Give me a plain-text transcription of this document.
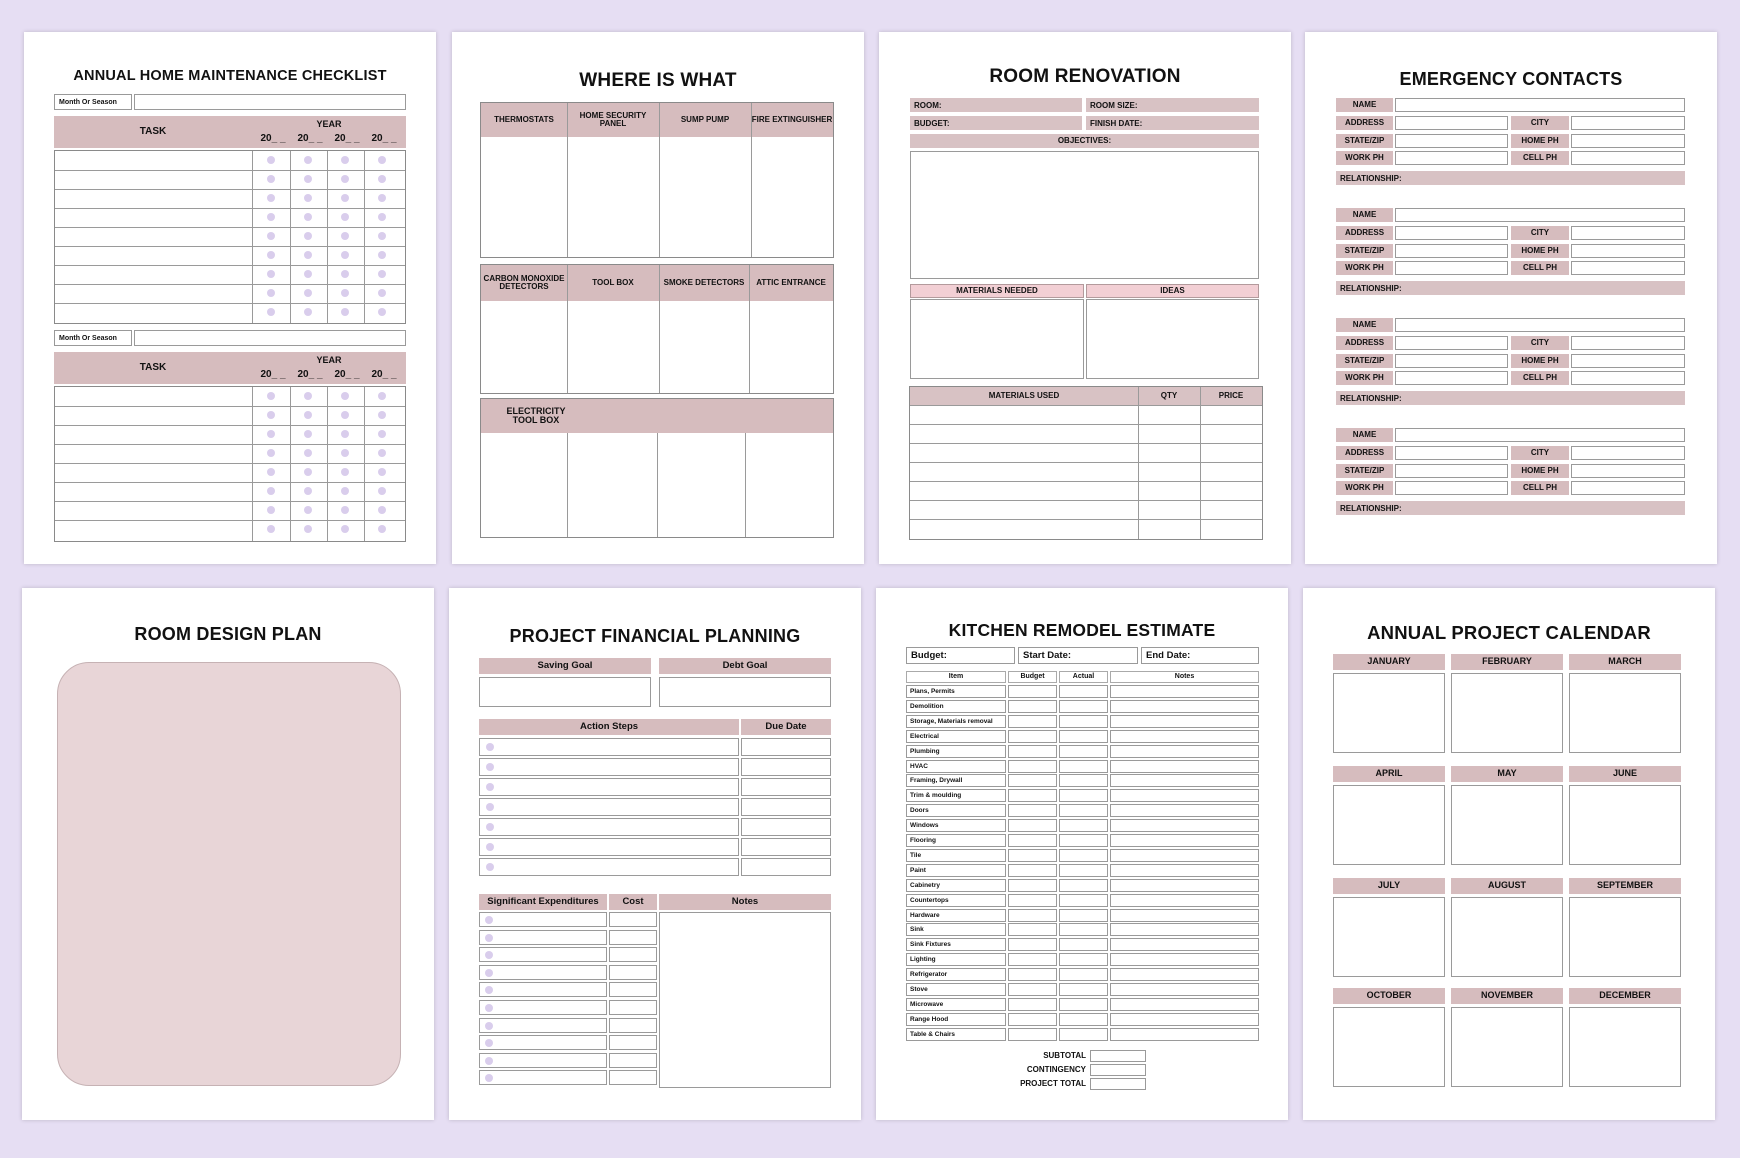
ANNUAL HOME MAINTENANCE CHECKLIST
Month Or Season
TASK
YEAR
20_ _ 20_ _ 20_ _ 20_ _
Month Or Season
TASK
YEAR
20_ _ 20_ _ 20_ _ 20_ _
WHERE IS WHAT
THERMOSTATS	HOME SECURITY PANEL	SUMP PUMP	FIRE EXTINGUISHER
CARBON MONOXIDE DETECTORS	TOOL BOX	SMOKE DETECTORS	ATTIC ENTRANCE
ELECTRICITY
TOOL BOX
ROOM RENOVATION
ROOM:	ROOM SIZE:
BUDGET:	FINISH DATE:
OBJECTIVES:
MATERIALS NEEDED	IDEAS
MATERIALS USED	QTY	PRICE
EMERGENCY CONTACTS
NAME
ADDRESS	CITY
STATE/ZIP	HOME PH
WORK PH	CELL PH
RELATIONSHIP:
NAME
ADDRESS	CITY
STATE/ZIP	HOME PH
WORK PH	CELL PH
RELATIONSHIP:
NAME
ADDRESS	CITY
STATE/ZIP	HOME PH
WORK PH	CELL PH
RELATIONSHIP:
NAME
ADDRESS	CITY
STATE/ZIP	HOME PH
WORK PH	CELL PH
RELATIONSHIP:
ROOM DESIGN PLAN	PROJECT FINANCIAL PLANNING
Saving Goal	Debt Goal
Action Steps	Due Date
Significant Expenditures	Cost	Notes
KITCHEN REMODEL ESTIMATE
Budget:	Start Date:	End Date:
Item	Budget	Actual	Notes
Plans, Permits
Demolition
Storage, Materials removal
Electrical
Plumbing
HVAC
Framing, Drywall
Trim & moulding
Doors
Windows
Flooring
Tile
Paint
Cabinetry
Countertops
Hardware
Sink
Sink Fixtures
Lighting
Refrigerator
Stove
Microwave
Range Hood
Table & Chairs
SUBTOTAL
CONTINGENCY
PROJECT TOTAL
ANNUAL PROJECT CALENDAR
JANUARY	FEBRUARY	MARCH
APRIL	MAY	JUNE
JULY	AUGUST	SEPTEMBER
OCTOBER	NOVEMBER	DECEMBER
